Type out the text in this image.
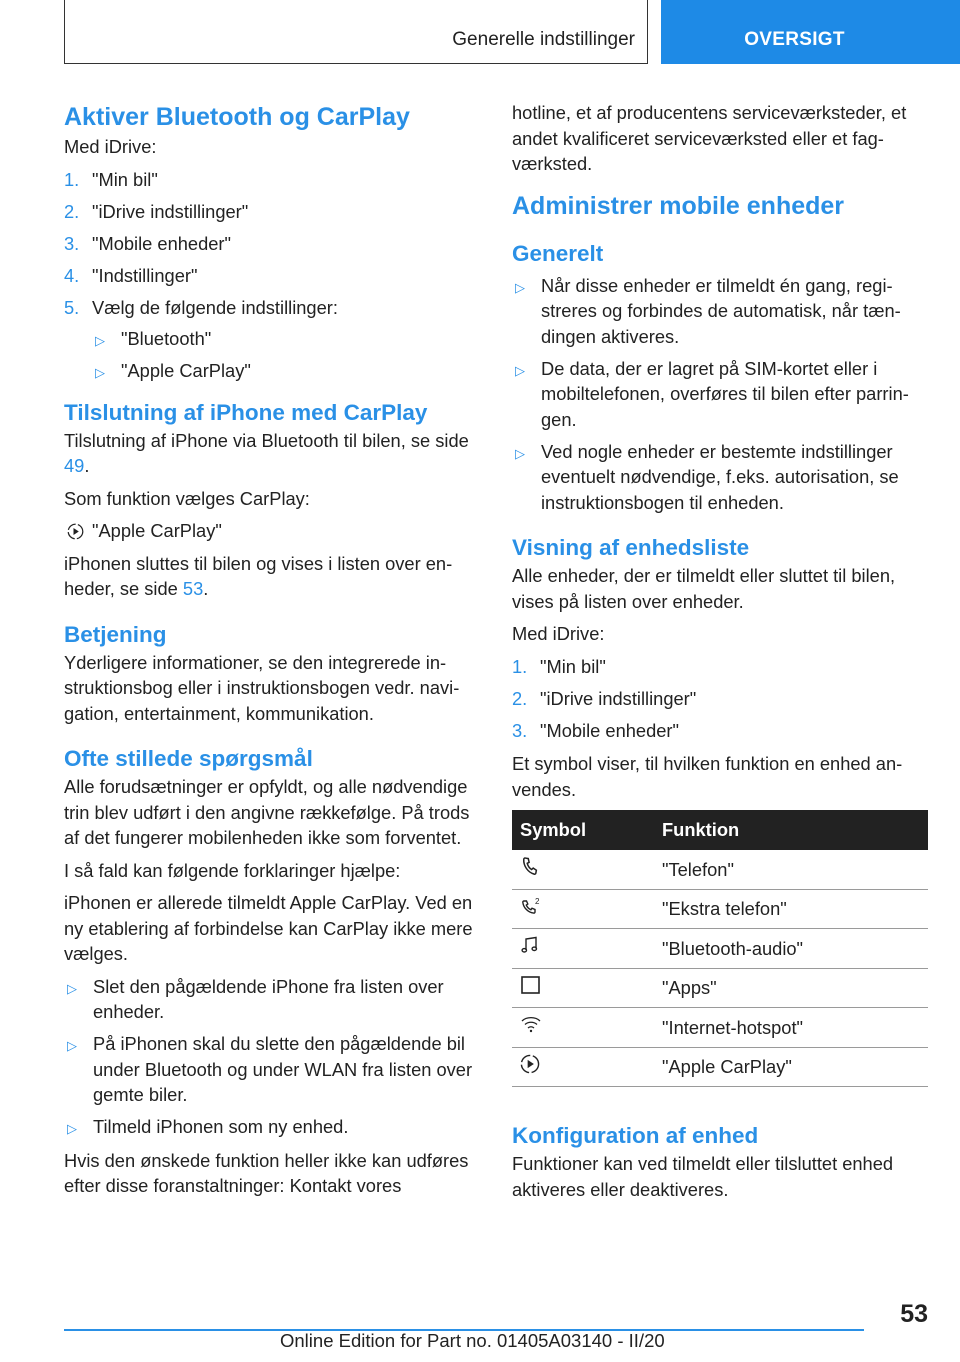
Generelle indstillinger	OVERSIGT
Aktiver Bluetooth og CarPlay

Med iDrive:

1. "Min bil"
2. "iDrive indstillinger"
3. "Mobile enheder"
4. "Indstillinger"
5. Vælg de følgende indstillinger:
▷ "Bluetooth"
▷ "Apple CarPlay"
Tilslutning af iPhone med CarPlay

Tilslutning af iPhone via Bluetooth til bilen, se side 49.

Som funktion vælges CarPlay:

"Apple CarPlay"

iPhonen sluttes til bilen og vises i listen over enheder, se side 53.

Betjening

Yderligere informationer, se den integrerede instruktionsbog eller i instruktionsbogen vedr. navigation, entertainment, kommunikation.

Ofte stillede spørgsmål

Alle forudsætninger er opfyldt, og alle nødvendige trin blev udført i den angivne rækkefølge. På trods af det fungerer mobilenheden ikke som forventet.

I så fald kan følgende forklaringer hjælpe:

iPhonen er allerede tilmeldt Apple CarPlay. Ved en ny etablering af forbindelse kan CarPlay ikke mere vælges.

▷ Slet den pågældende iPhone fra listen over enheder.
▷ På iPhonen skal du slette den pågældende bil under Bluetooth og under WLAN fra listen over gemte biler.
▷ Tilmeld iPhonen som ny enhed.

Hvis den ønskede funktion heller ikke kan udføres efter disse foranstaltninger: Kontakt vores

hotline, et af producentens serviceværksteder, et andet kvalificeret serviceværksted eller et fagværksted.

Administrer mobile enheder
Generelt
▷ Når disse enheder er tilmeldt én gang, registreres og forbindes de automatisk, når tændingen aktiveres.
▷ De data, der er lagret på SIM-kortet eller i mobiltelefonen, overføres til bilen efter parringen.
▷ Ved nogle enheder er bestemte indstillinger eventuelt nødvendige, f.eks. autorisation, se instruktionsbogen til enheden.
Visning af enhedsliste

Alle enheder, der er tilmeldt eller sluttet til bilen, vises på listen over enheder.

Med iDrive:

1. "Min bil"
2. "iDrive indstillinger"
3. "Mobile enheder"

Et symbol viser, til hvilken funktion en enhed anvendes.

Symbol	Funktion
	"Telefon"

2	"Ekstra telefon"
	"Bluetooth-audio"
	"Apps"
	"Internet-hotspot"
	"Apple CarPlay"
Konfiguration af enhed

Funktioner kan ved tilmeldt eller tilsluttet enhed aktiveres eller deaktiveres.

53
Online Edition for Part no. 01405A03140 - II/20
